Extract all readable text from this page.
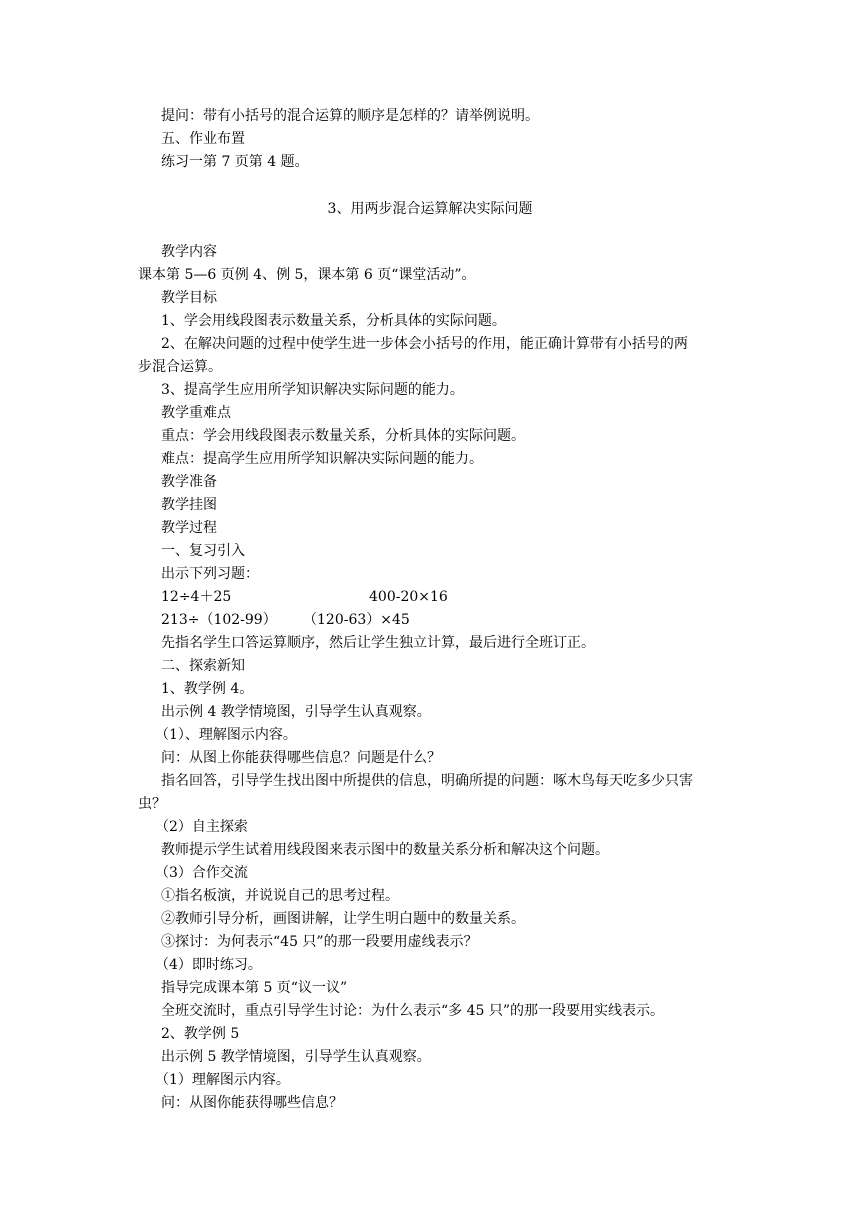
提问：带有小括号的混合运算的顺序是怎样的？请举例说明。
五、作业布置
练习一第 7 页第 4 题。
3、用两步混合运算解决实际问题
教学内容
课本第 5—6 页例 4、例 5，课本第 6 页“课堂活动”。
教学目标
1、学会用线段图表示数量关系，分析具体的实际问题。
2、在解决问题的过程中使学生进一步体会小括号的作用，能正确计算带有小括号的两
步混合运算。
3、提高学生应用所学知识解决实际问题的能力。
教学重难点
重点：学会用线段图表示数量关系，分析具体的实际问题。
难点：提高学生应用所学知识解决实际问题的能力。
教学准备
教学挂图
教学过程
一、复习引入
出示下列习题：
12÷4＋25	400-20×16
213÷（102-99） （120-63）×45
先指名学生口答运算顺序，然后让学生独立计算，最后进行全班订正。
二、探索新知
1、教学例 4。
出示例 4 教学情境图，引导学生认真观察。
（1）、理解图示内容。
问：从图上你能获得哪些信息？问题是什么？
指名回答，引导学生找出图中所提供的信息，明确所提的问题：啄木鸟每天吃多少只害
虫？
（2）自主探索
教师提示学生试着用线段图来表示图中的数量关系分析和解决这个问题。
（3）合作交流
①指名板演，并说说自己的思考过程。
②教师引导分析，画图讲解，让学生明白题中的数量关系。
③探讨：为何表示“45 只”的那一段要用虚线表示？
（4）即时练习。
指导完成课本第 5 页“议一议”
全班交流时，重点引导学生讨论：为什么表示“多 45 只”的那一段要用实线表示。
2、教学例 5
出示例 5 教学情境图，引导学生认真观察。
（1）理解图示内容。
问：从图你能获得哪些信息？
